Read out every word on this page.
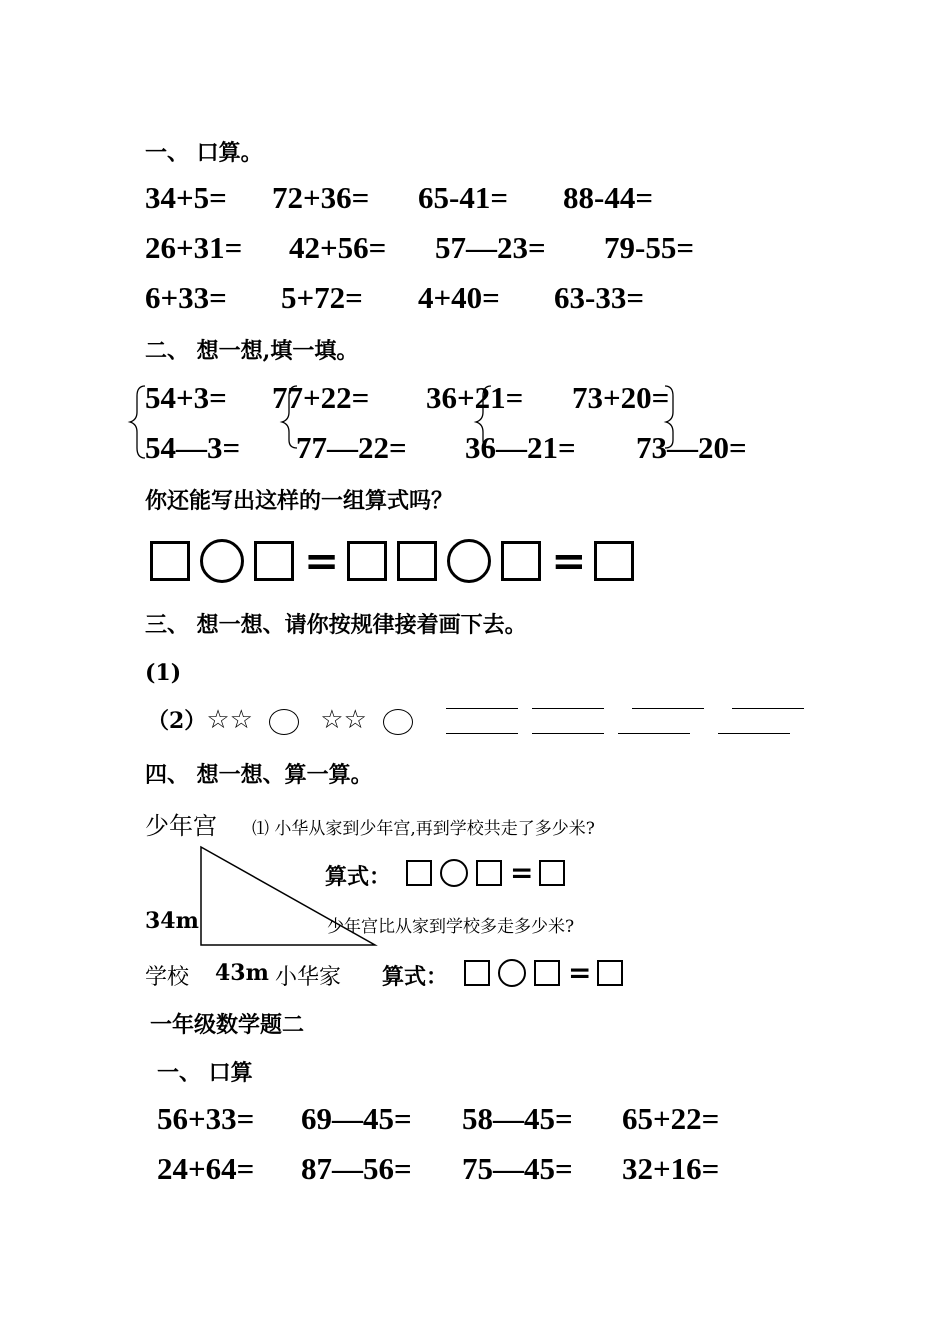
一、 口算。
34+5= 72+36= 65-41= 88-44=
26+31= 42+56= 57—23= 79-55=
6+33= 5+72= 4+40= 63-33=
二、 想一想,填一填。
54+3= 77+22= 36+21= 73+20=
54—3= 77—22= 36—21= 73—20=
你还能写出这样的一组算式吗？
=	=
三、 想一想、请你按规律接着画下去。
(1)
（2）☆☆	☆☆
四、 想一想、算一算。
少年宫 ⑴ 小华从家到少年宫,再到学校共走了多少米?
算式：	=
34m	少年宫比从家到学校多走多少米?
学校 43m 小华家 算式：	=
一年级数学题二
一、 口算
56+33= 69—45= 58—45= 65+22=
24+64= 87—56= 75—45= 32+16=
